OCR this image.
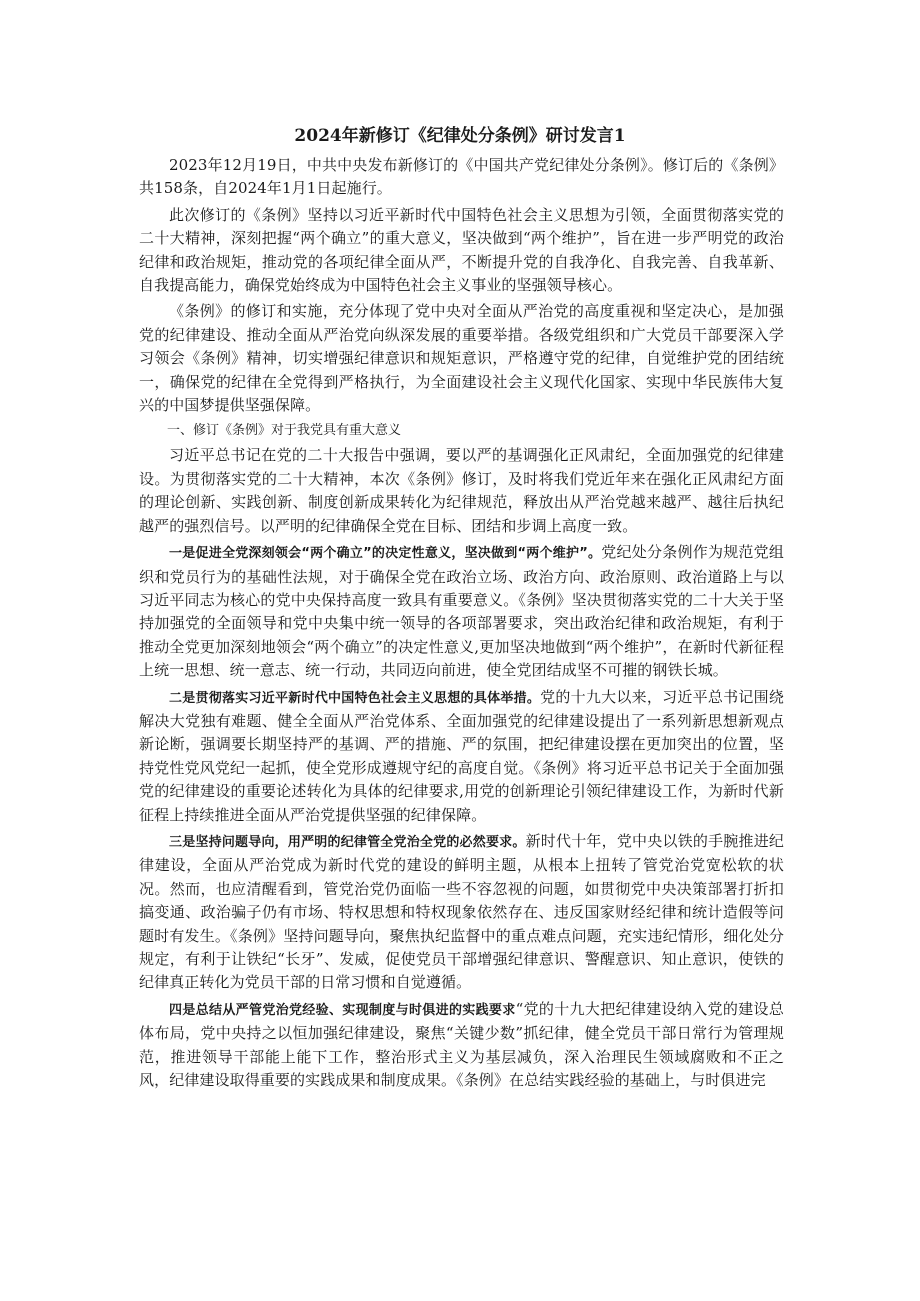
2024年新修订《纪律处分条例》研讨发言1

2023年12月19日，中共中央发布新修订的《中国共产党纪律处分条例》。修订后的《条例》共158条，自2024年1月1日起施行。

此次修订的《条例》坚持以习近平新时代中国特色社会主义思想为引领，全面贯彻落实党的二十大精神，深刻把握“两个确立”的重大意义，坚决做到“两个维护”，旨在进一步严明党的政治纪律和政治规矩，推动党的各项纪律全面从严，不断提升党的自我净化、自我完善、自我革新、自我提高能力，确保党始终成为中国特色社会主义事业的坚强领导核心。

《条例》的修订和实施，充分体现了党中央对全面从严治党的高度重视和坚定决心，是加强党的纪律建设、推动全面从严治党向纵深发展的重要举措。各级党组织和广大党员干部要深入学习领会《条例》精神，切实增强纪律意识和规矩意识，严格遵守党的纪律，自觉维护党的团结统一，确保党的纪律在全党得到严格执行，为全面建设社会主义现代化国家、实现中华民族伟大复兴的中国梦提供坚强保障。

一、修订《条例》对于我党具有重大意义

习近平总书记在党的二十大报告中强调，要以严的基调强化正风肃纪，全面加强党的纪律建设。为贯彻落实党的二十大精神，本次《条例》修订，及时将我们党近年来在强化正风肃纪方面的理论创新、实践创新、制度创新成果转化为纪律规范，释放出从严治党越来越严、越往后执纪越严的强烈信号。以严明的纪律确保全党在目标、团结和步调上高度一致。

一是促进全党深刻领会“两个确立”的决定性意义，坚决做到“两个维护”。党纪处分条例作为规范党组织和党员行为的基础性法规，对于确保全党在政治立场、政治方向、政治原则、政治道路上与以习近平同志为核心的党中央保持高度一致具有重要意义。《条例》坚决贯彻落实党的二十大关于坚持加强党的全面领导和党中央集中统一领导的各项部署要求，突出政治纪律和政治规矩，有利于推动全党更加深刻地领会“两个确立”的决定性意义,更加坚决地做到“两个维护”，在新时代新征程上统一思想、统一意志、统一行动，共同迈向前进，使全党团结成坚不可摧的钢铁长城。

二是贯彻落实习近平新时代中国特色社会主义思想的具体举措。党的十九大以来，习近平总书记围绕解决大党独有难题、健全全面从严治党体系、全面加强党的纪律建设提出了一系列新思想新观点新论断，强调要长期坚持严的基调、严的措施、严的氛围，把纪律建设摆在更加突出的位置，坚持党性党风党纪一起抓，使全党形成遵规守纪的高度自觉。《条例》将习近平总书记关于全面加强党的纪律建设的重要论述转化为具体的纪律要求,用党的创新理论引领纪律建设工作，为新时代新征程上持续推进全面从严治党提供坚强的纪律保障。

三是坚持问题导向，用严明的纪律管全党治全党的必然要求。新时代十年，党中央以铁的手腕推进纪律建设，全面从严治党成为新时代党的建设的鲜明主题，从根本上扭转了管党治党宽松软的状况。然而，也应清醒看到，管党治党仍面临一些不容忽视的问题，如贯彻党中央决策部署打折扣搞变通、政治骗子仍有市场、特权思想和特权现象依然存在、违反国家财经纪律和统计造假等问题时有发生。《条例》坚持问题导向，聚焦执纪监督中的重点难点问题，充实违纪情形，细化处分规定，有利于让铁纪“长牙”、发威，促使党员干部增强纪律意识、警醒意识、知止意识，使铁的纪律真正转化为党员干部的日常习惯和自觉遵循。

四是总结从严管党治党经验、实现制度与时俱进的实践要求“党的十九大把纪律建设纳入党的建设总体布局，党中央持之以恒加强纪律建设，聚焦“关键少数”抓纪律，健全党员干部日常行为管理规范，推进领导干部能上能下工作，整治形式主义为基层减负，深入治理民生领域腐败和不正之风，纪律建设取得重要的实践成果和制度成果。《条例》在总结实践经验的基础上，与时俱进完
